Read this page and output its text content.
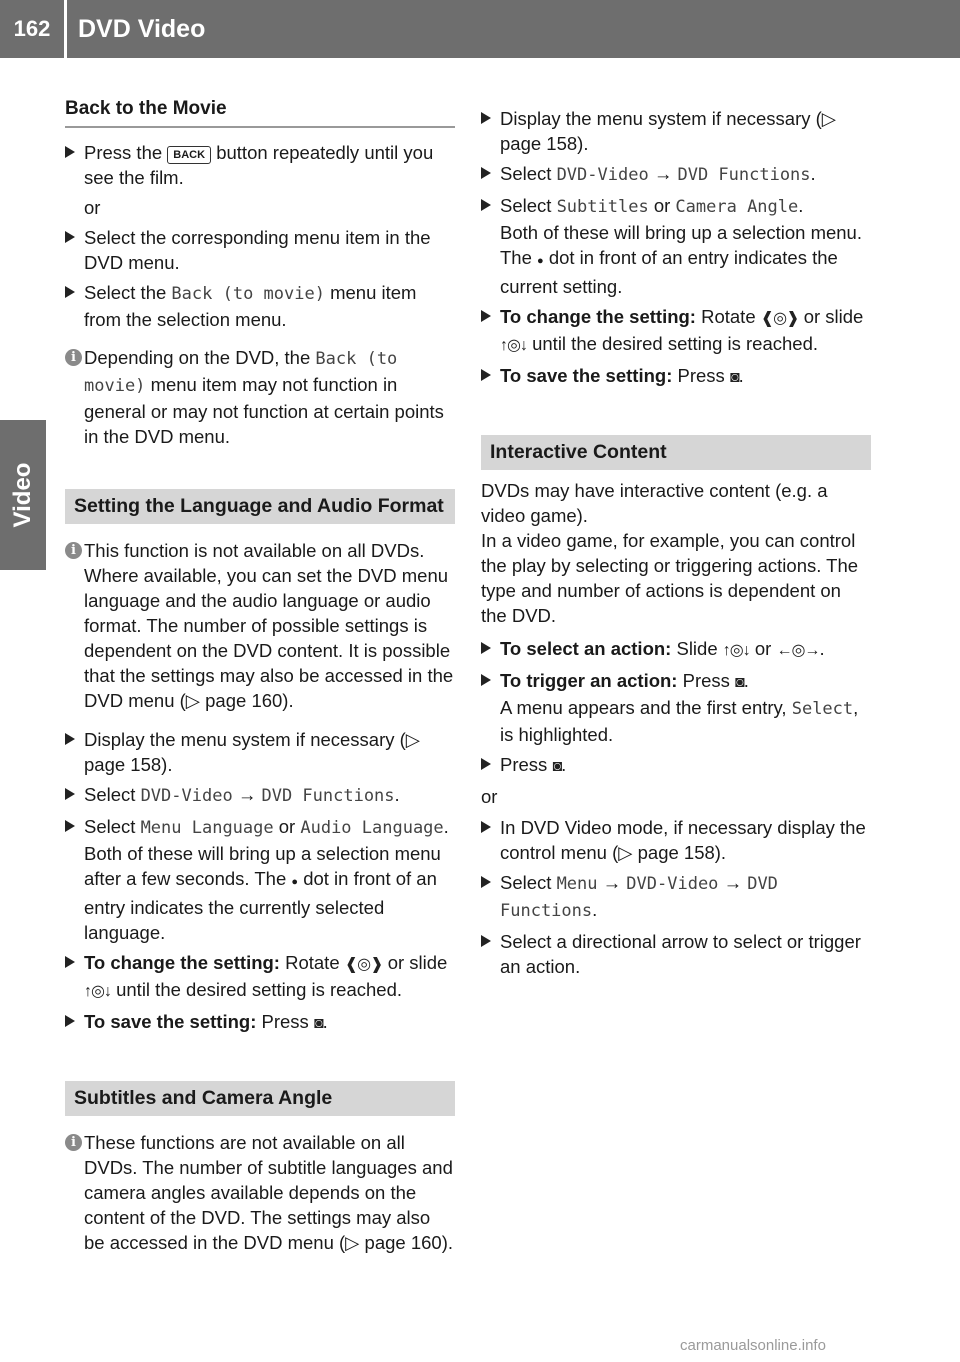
162	DVD Video
Video
Back to the Movie
Press the BACK button repeatedly until you see the film.
or
Select the corresponding menu item in the DVD menu.
Select the Back (to movie) menu item from the selection menu.
i Depending on the DVD, the Back (to movie) menu item may not function in general or may not function at certain points in the DVD menu.
Setting the Language and Audio Format
i This function is not available on all DVDs. Where available, you can set the DVD menu language and the audio language or audio format. The number of possible settings is dependent on the DVD content. It is possible that the settings may also be accessed in the DVD menu (▷ page 160).
Display the menu system if necessary (▷ page 158).
Select DVD-Video → DVD Functions.
Select Menu Language or Audio Language.
Both of these will bring up a selection menu after a few seconds. The ● dot in front of an entry indicates the currently selected language.
To change the setting: Rotate ❰◎❱ or slide ↑◎↓ until the desired setting is reached.
To save the setting: Press ◙.
Subtitles and Camera Angle
i These functions are not available on all DVDs. The number of subtitle languages and camera angles available depends on the content of the DVD. The settings may also be accessed in the DVD menu (▷ page 160).
Display the menu system if necessary (▷ page 158).
Select DVD-Video → DVD Functions.
Select Subtitles or Camera Angle.
Both of these will bring up a selection menu. The ● dot in front of an entry indicates the current setting.
To change the setting: Rotate ❰◎❱ or slide ↑◎↓ until the desired setting is reached.
To save the setting: Press ◙.
Interactive Content
DVDs may have interactive content (e.g. a video game).
In a video game, for example, you can control the play by selecting or triggering actions. The type and number of actions is dependent on the DVD.
To select an action: Slide ↑◎↓ or ←◎→.
To trigger an action: Press ◙.
A menu appears and the first entry, Select, is highlighted.
Press ◙.
or
In DVD Video mode, if necessary display the control menu (▷ page 158).
Select Menu → DVD-Video → DVD Functions.
Select a directional arrow to select or trigger an action.
carmanualsonline.info
